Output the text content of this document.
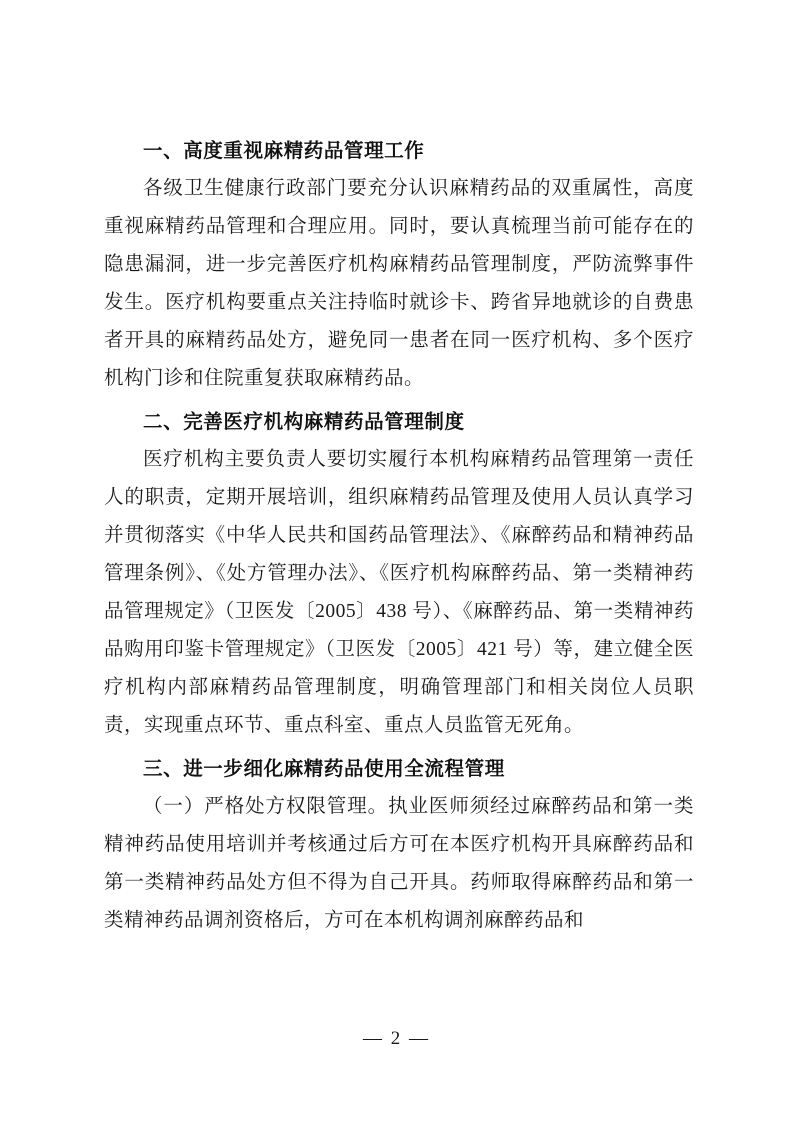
一、高度重视麻精药品管理工作

各级卫生健康行政部门要充分认识麻精药品的双重属性，高度重视麻精药品管理和合理应用。同时，要认真梳理当前可能存在的隐患漏洞，进一步完善医疗机构麻精药品管理制度，严防流弊事件发生。医疗机构要重点关注持临时就诊卡、跨省异地就诊的自费患者开具的麻精药品处方，避免同一患者在同一医疗机构、多个医疗机构门诊和住院重复获取麻精药品。

二、完善医疗机构麻精药品管理制度

医疗机构主要负责人要切实履行本机构麻精药品管理第一责任人的职责，定期开展培训，组织麻精药品管理及使用人员认真学习并贯彻落实《中华人民共和国药品管理法》、《麻醉药品和精神药品管理条例》、《处方管理办法》、《医疗机构麻醉药品、第一类精神药品管理规定》（卫医发〔2005〕438 号）、《麻醉药品、第一类精神药品购用印鉴卡管理规定》（卫医发〔2005〕421 号）等，建立健全医疗机构内部麻精药品管理制度，明确管理部门和相关岗位人员职责，实现重点环节、重点科室、重点人员监管无死角。

三、进一步细化麻精药品使用全流程管理

（一）严格处方权限管理。执业医师须经过麻醉药品和第一类精神药品使用培训并考核通过后方可在本医疗机构开具麻醉药品和第一类精神药品处方但不得为自己开具。药师取得麻醉药品和第一类精神药品调剂资格后，方可在本机构调剂麻醉药品和

— 2 —
